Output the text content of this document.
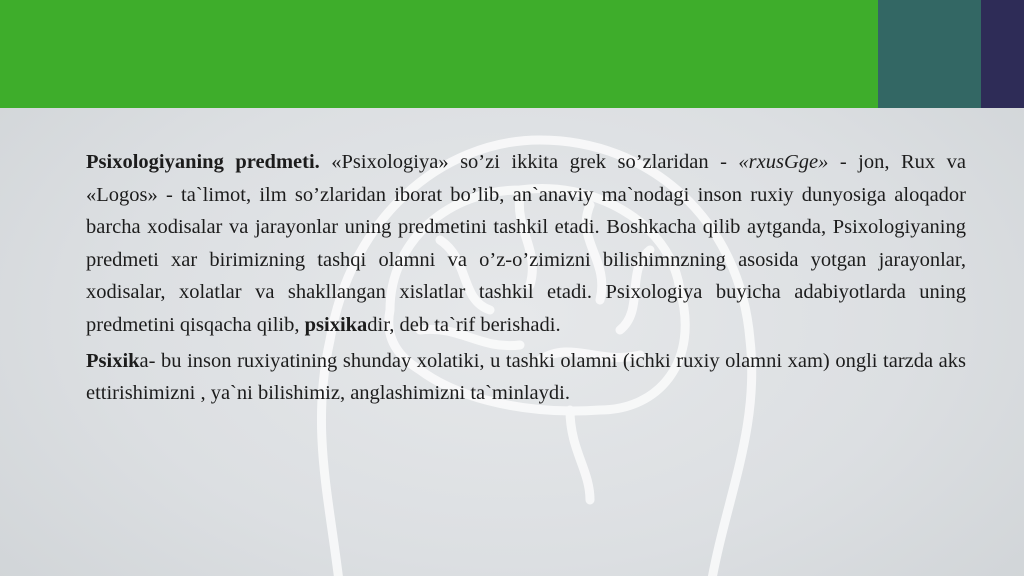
Psixologiyaning predmeti. «Psixologiya» so’zi ikkita grek so’zlaridan - «rxusGge» - jon, Rux va «Logos» - ta`limot, ilm so’zlaridan iborat bo’lib, an`anaviy ma`nodagi inson ruxiy dunyosiga aloqador barcha xodisalar va jarayonlar uning predmetini tashkil etadi. Boshkacha qilib aytganda, Psixologiyaning predmeti xar birimizning tashqi olamni va o’z-o’zimizni bilishimnzning asosida yotgan jarayonlar, xodisalar, xolatlar va shakllangan xislatlar tashkil etadi. Psixologiya buyicha adabiyotlarda uning predmetini qisqacha qilib, psixikadir, deb ta`rif berishadi.

Psixika- bu inson ruxiyatining shunday xolatiki, u tashki olamni (ichki ruxiy olamni xam) ongli tarzda aks ettirishimizni , ya`ni bilishimiz, anglashimizni ta`minlaydi.
